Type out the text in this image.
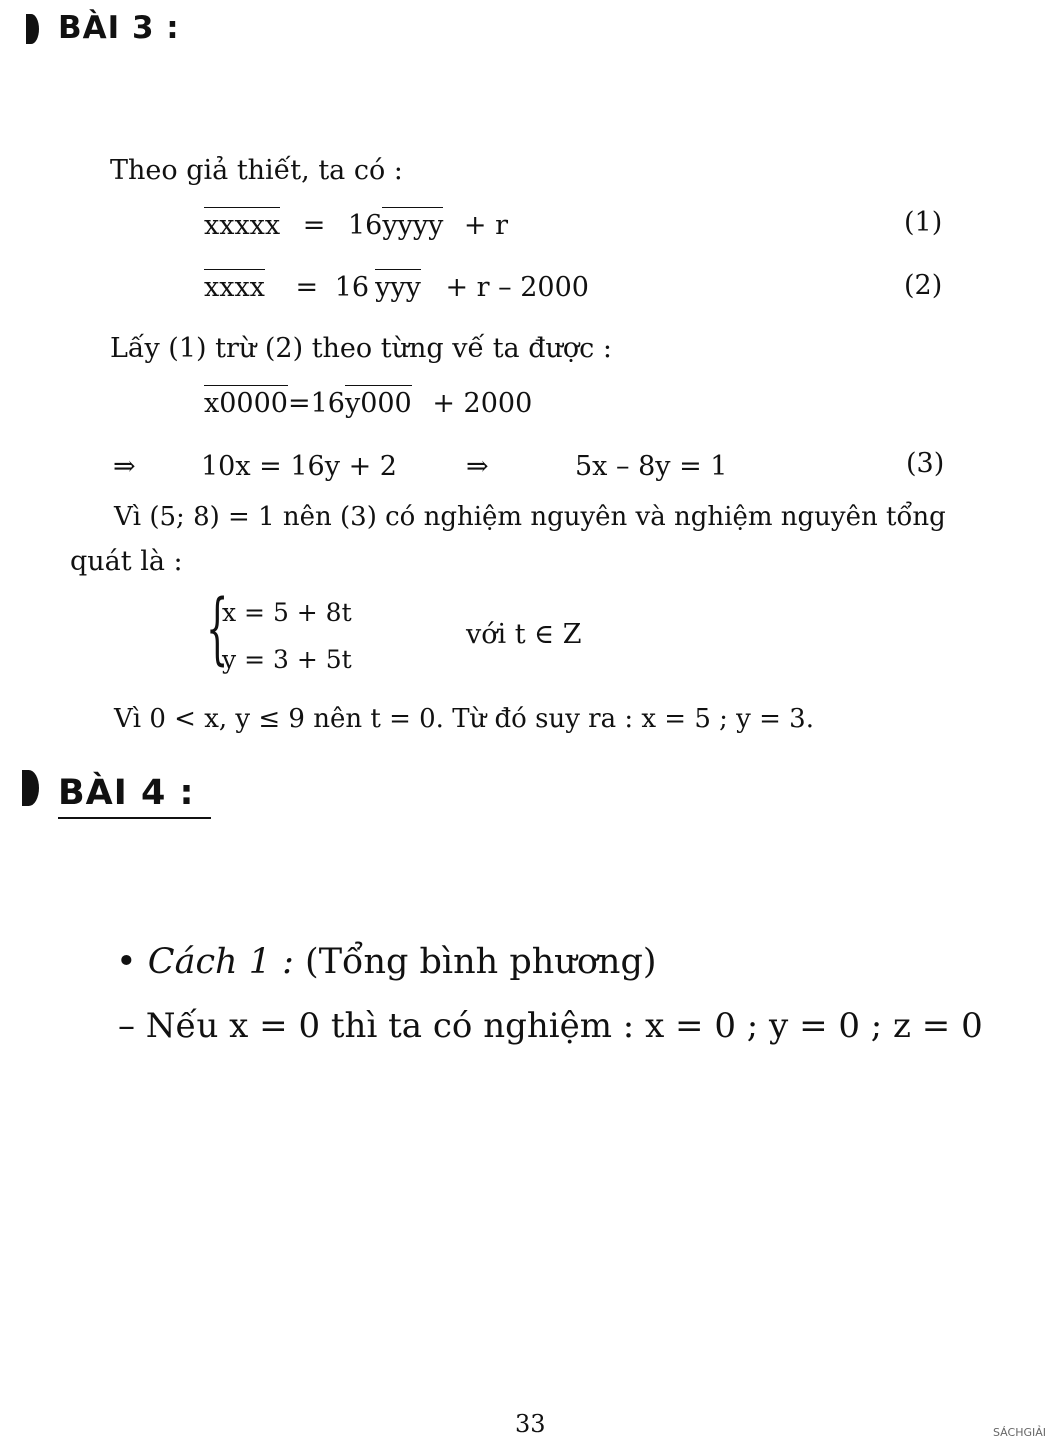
BÀI 3 :
Theo giả thiết, ta có :
xxxxx = 16yyyy + r	(1)
xxxx = 16 yyy + r – 2000	(2)
Lấy (1) trừ (2) theo từng vế ta được :
x0000=16y000 + 2000
⇒ 10x = 16y + 2	⇒	5x – 8y = 1	(3)
Vì (5; 8) = 1 nên (3) có nghiệm nguyên và nghiệm nguyên tổng
quát là :
{
x = 5 + 8t
y = 3 + 5t
với t ∈ Z
Vì 0 < x, y ≤ 9 nên t = 0. Từ đó suy ra : x = 5 ; y = 3.
BÀI 4 :
• Cách 1 : (Tổng bình phương)
– Nếu x = 0 thì ta có nghiệm : x = 0 ; y = 0 ; z = 0
33	SÁCHGIẢI
